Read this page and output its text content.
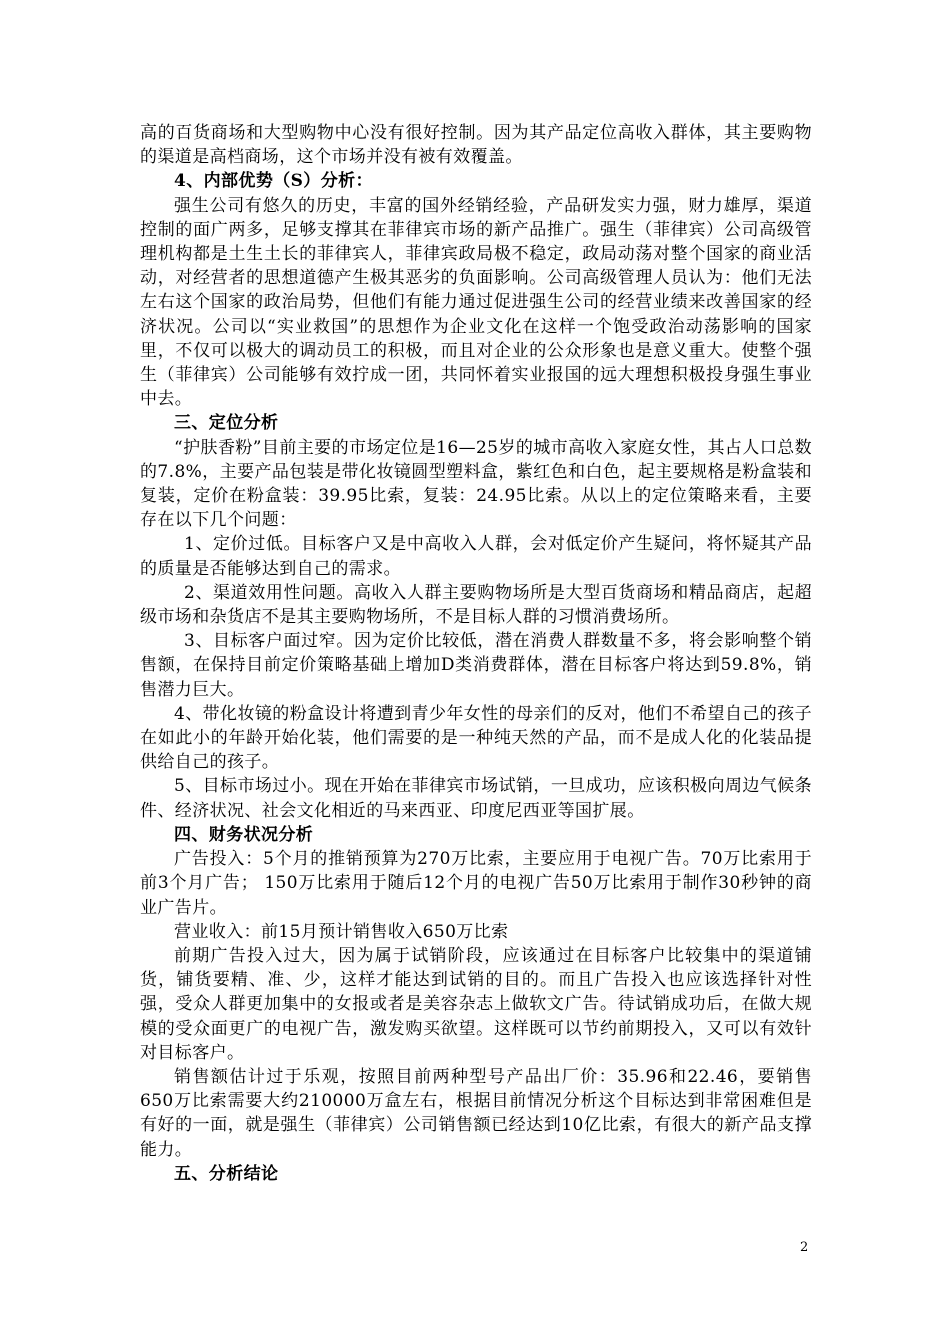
高的百货商场和大型购物中心没有很好控制。因为其产品定位高收入群体，其主要购物的渠道是高档商场，这个市场并没有被有效覆盖。

4、内部优势（S）分析：

强生公司有悠久的历史，丰富的国外经销经验，产品研发实力强，财力雄厚，渠道控制的面广两多，足够支撑其在菲律宾市场的新产品推广。强生（菲律宾）公司高级管理机构都是土生土长的菲律宾人，菲律宾政局极不稳定，政局动荡对整个国家的商业活动，对经营者的思想道德产生极其恶劣的负面影响。公司高级管理人员认为：他们无法左右这个国家的政治局势，但他们有能力通过促进强生公司的经营业绩来改善国家的经济状况。公司以“实业救国”的思想作为企业文化在这样一个饱受政治动荡影响的国家里，不仅可以极大的调动员工的积极，而且对企业的公众形象也是意义重大。使整个强生（菲律宾）公司能够有效拧成一团，共同怀着实业报国的远大理想积极投身强生事业中去。

三、定位分析

“护肤香粉”目前主要的市场定位是16—25岁的城市高收入家庭女性，其占人口总数的7.8%，主要产品包装是带化妆镜圆型塑料盒，紫红色和白色，起主要规格是粉盒装和复装，定价在粉盒装：39.95比索，复装：24.95比索。从以上的定位策略来看，主要存在以下几个问题：

1、定价过低。目标客户又是中高收入人群，会对低定价产生疑问，将怀疑其产品的质量是否能够达到自己的需求。

2、渠道效用性问题。高收入人群主要购物场所是大型百货商场和精品商店，起超级市场和杂货店不是其主要购物场所，不是目标人群的习惯消费场所。

3、目标客户面过窄。因为定价比较低，潜在消费人群数量不多，将会影响整个销售额，在保持目前定价策略基础上增加D类消费群体，潜在目标客户将达到59.8%，销售潜力巨大。

4、带化妆镜的粉盒设计将遭到青少年女性的母亲们的反对，他们不希望自己的孩子在如此小的年龄开始化装，他们需要的是一种纯天然的产品，而不是成人化的化装品提供给自己的孩子。

5、目标市场过小。现在开始在菲律宾市场试销，一旦成功，应该积极向周边气候条件、经济状况、社会文化相近的马来西亚、印度尼西亚等国扩展。

四、财务状况分析

广告投入：5个月的推销预算为270万比索，主要应用于电视广告。70万比索用于前3个月广告； 150万比索用于随后12个月的电视广告50万比索用于制作30秒钟的商业广告片。

营业收入：前15月预计销售收入650万比索

前期广告投入过大，因为属于试销阶段，应该通过在目标客户比较集中的渠道铺货，铺货要精、准、少，这样才能达到试销的目的。而且广告投入也应该选择针对性强，受众人群更加集中的女报或者是美容杂志上做软文广告。待试销成功后，在做大规模的受众面更广的电视广告，激发购买欲望。这样既可以节约前期投入，又可以有效针对目标客户。

销售额估计过于乐观，按照目前两种型号产品出厂价：35.96和22.46，要销售650万比索需要大约210000万盒左右，根据目前情况分析这个目标达到非常困难但是有好的一面，就是强生（菲律宾）公司销售额已经达到10亿比索，有很大的新产品支撑能力。

五、分析结论

2
